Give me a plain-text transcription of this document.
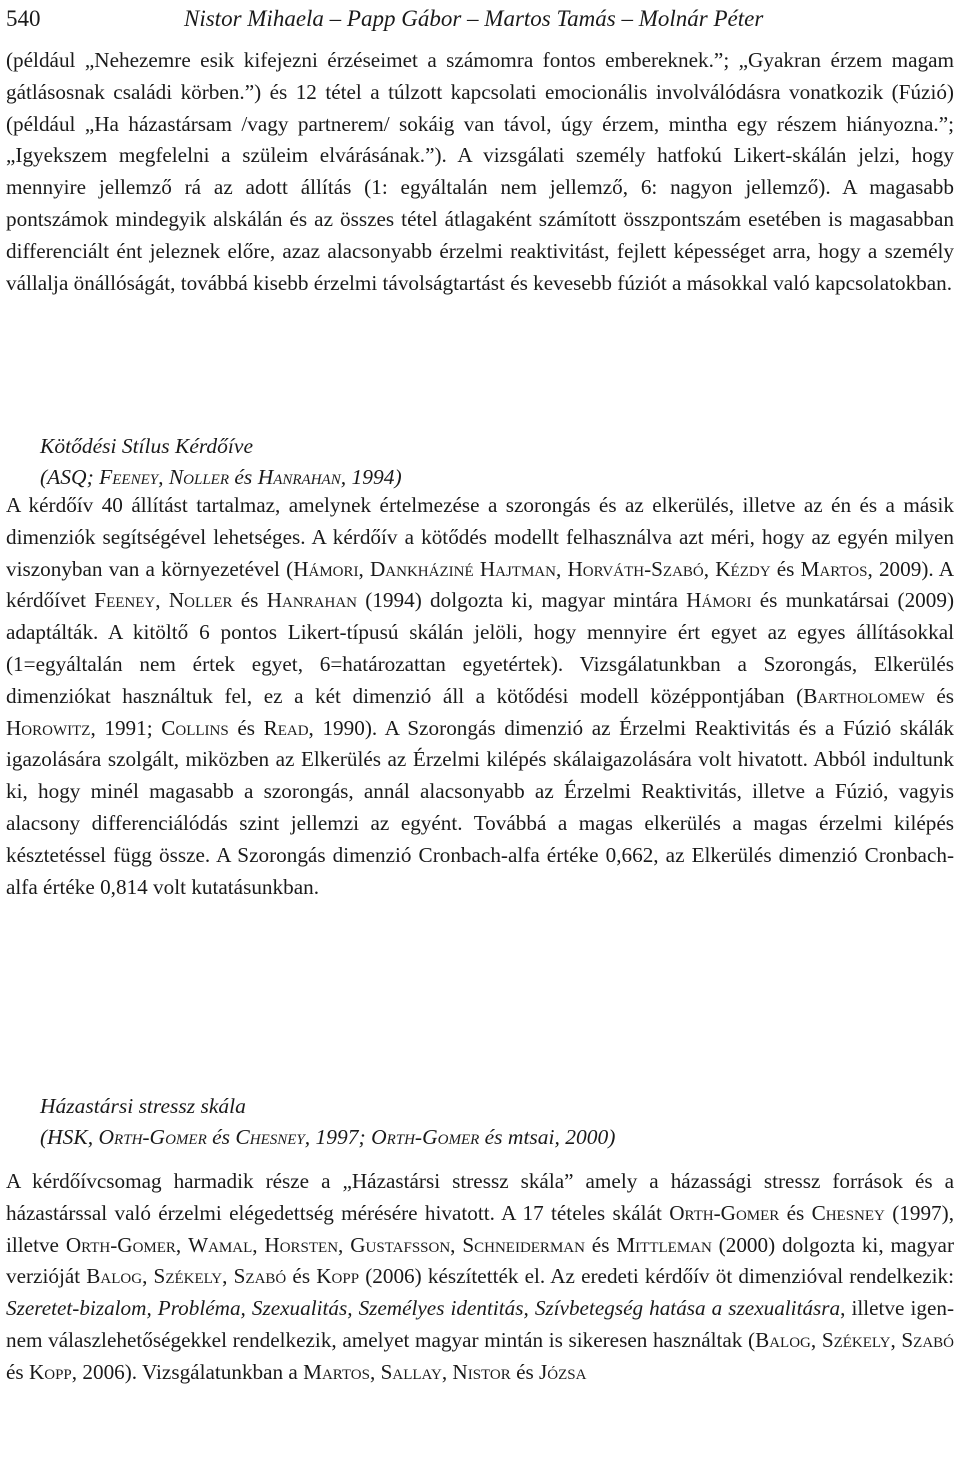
540	Nistor Mihaela – Papp Gábor – Martos Tamás – Molnár Péter
(például „Nehezemre esik kifejezni érzéseimet a számomra fontos embereknek.”; „Gyakran érzem magam gátlásosnak családi körben.”) és 12 tétel a túlzott kapcsolati emocionális involválódásra vonatkozik (Fúzió) (például „Ha házastársam /vagy partnerem/ sokáig van távol, úgy érzem, mintha egy részem hiányozna.”; „Igyekszem megfelelni a szüleim elvárásának.”). A vizsgálati személy hatfokú Likert-skálán jelzi, hogy mennyire jellemző rá az adott állítás (1: egyáltalán nem jellemző, 6: nagyon jellemző). A magasabb pontszámok mindegyik alskálán és az összes tétel átlagaként számított összpontszám esetében is magasabban differenciált ént jeleznek előre, azaz alacsonyabb érzelmi reaktivitást, fejlett képességet arra, hogy a személy vállalja önállóságát, továbbá kisebb érzelmi távolságtartást és kevesebb fúziót a másokkal való kapcsolatokban.
Kötődési Stílus Kérdőíve
(ASQ; Feeney, Noller és Hanrahan, 1994)
A kérdőív 40 állítást tartalmaz, amelynek értelmezése a szorongás és az elkerülés, illetve az én és a másik dimenziók segítségével lehetséges. A kérdőív a kötődés modellt felhasználva azt méri, hogy az egyén milyen viszonyban van a környezetével (Hámori, Dankháziné Hajtman, Horváth-Szabó, Kézdy és Martos, 2009). A kérdőívet Feeney, Noller és Hanrahan (1994) dolgozta ki, magyar mintára Hámori és munkatársai (2009) adaptálták. A kitöltő 6 pontos Likert-típusú skálán jelöli, hogy mennyire ért egyet az egyes állításokkal (1=egyáltalán nem értek egyet, 6=határozattan egyetértek). Vizsgálatunkban a Szorongás, Elkerülés dimenziókat használtuk fel, ez a két dimenzió áll a kötődési modell középpontjában (Bartholomew és Horowitz, 1991; Collins és Read, 1990). A Szorongás dimenzió az Érzelmi Reaktivitás és a Fúzió skálák igazolására szolgált, miközben az Elkerülés az Érzelmi kilépés skálaigazolására volt hivatott. Abból indultunk ki, hogy minél magasabb a szorongás, annál alacsonyabb az Érzelmi Reaktivitás, illetve a Fúzió, vagyis alacsony differenciálódás szint jellemzi az egyént. Továbbá a magas elkerülés a magas érzelmi kilépés késztetéssel függ össze. A Szorongás dimenzió Cronbach-alfa értéke 0,662, az Elkerülés dimenzió Cronbach-alfa értéke 0,814 volt kutatásunkban.
Házastársi stressz skála
(HSK, Orth-Gomer és Chesney, 1997; Orth-Gomer és mtsai, 2000)
A kérdőívcsomag harmadik része a „Házastársi stressz skála” amely a házassági stressz források és a házastárssal való érzelmi elégedettség mérésére hivatott. A 17 tételes skálát Orth-Gomer és Chesney (1997), illetve Orth-Gomer, Wamal, Horsten, Gustafsson, Schneiderman és Mittleman (2000) dolgozta ki, magyar verzióját Balog, Székely, Szabó és Kopp (2006) készítették el. Az eredeti kérdőív öt dimenzióval rendelkezik: Szeretet-bizalom, Probléma, Szexualitás, Személyes identitás, Szívbetegség hatása a szexualitásra, illetve igen-nem válaszlehetőségekkel rendelkezik, amelyet magyar mintán is sikeresen használtak (Balog, Székely, Szabó és Kopp, 2006). Vizsgálatunkban a Martos, Sallay, Nistor és Józsa
